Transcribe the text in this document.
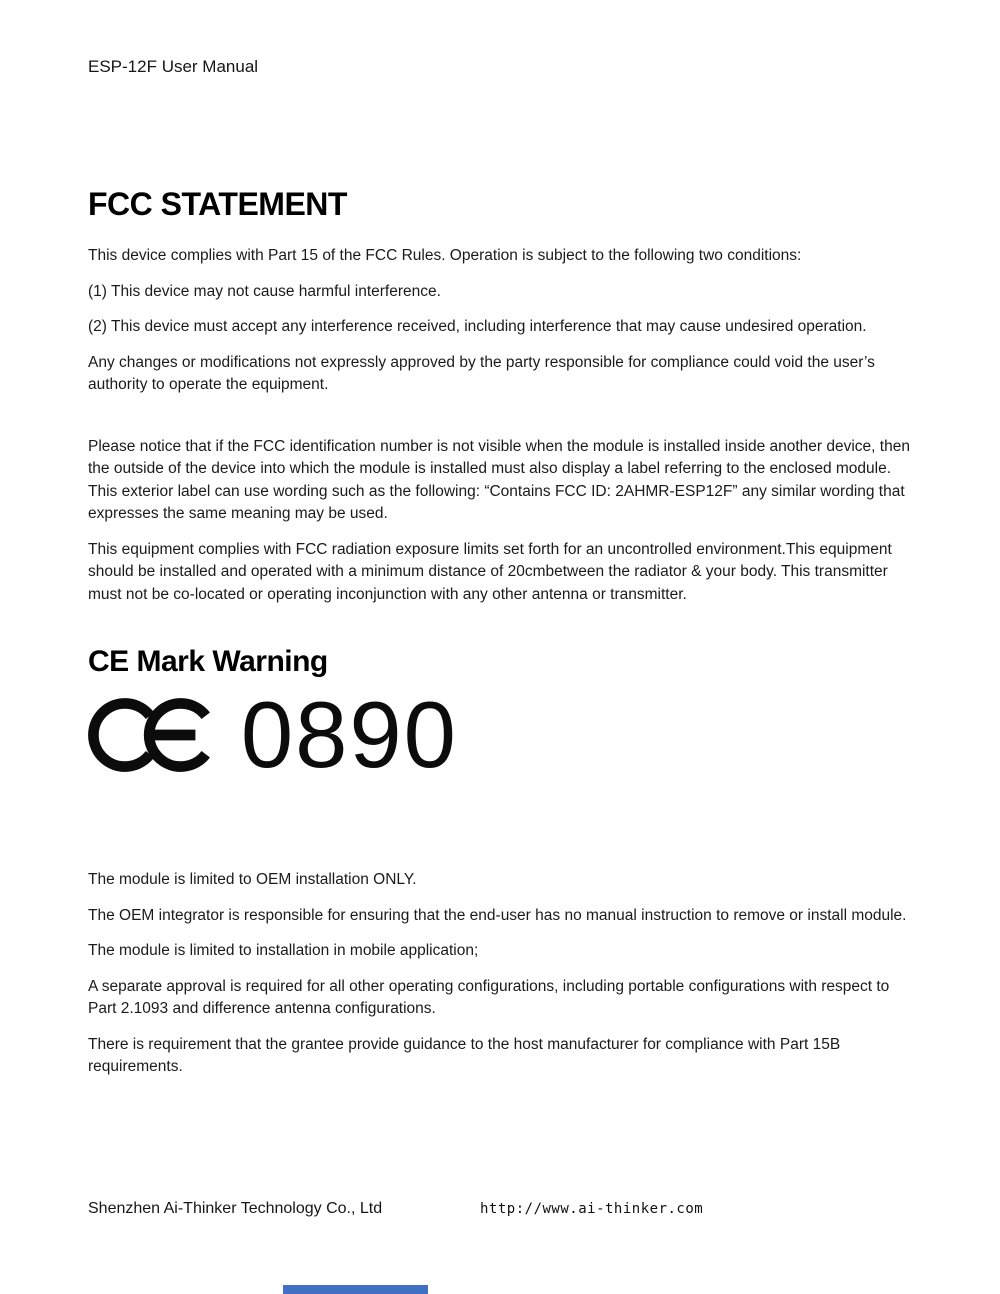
ESP-12F User Manual
FCC STATEMENT

This device complies with Part 15 of the FCC Rules. Operation is subject to the following two conditions:

(1) This device may not cause harmful interference.

(2) This device must accept any interference received, including interference that may cause undesired operation.

Any changes or modifications not expressly approved by the party responsible for compliance could void the user’s authority to operate the equipment.

Please notice that if the FCC identification number is not visible when the module is installed inside another device, then the outside of the device into which the module is installed must also display a label referring to the enclosed module. This exterior label can use wording such as the following: “Contains FCC ID: 2AHMR-ESP12F” any similar wording that expresses the same meaning may be used.

This equipment complies with FCC radiation exposure limits set forth for an uncontrolled environment.This equipment should be installed and operated with a minimum distance of 20cmbetween the radiator & your body. This transmitter must not be co-located or operating inconjunction with any other antenna or transmitter.

CE Mark Warning
0890

The module is limited to OEM installation ONLY.

The OEM integrator is responsible for ensuring that the end-user has no manual instruction to remove or install module.

The module is limited to installation in mobile application;

A separate approval is required for all other operating configurations, including portable configurations with respect to Part 2.1093 and difference antenna configurations.

There is requirement that the grantee provide guidance to the host manufacturer for compliance with Part 15B requirements.

Shenzhen Ai-Thinker Technology Co., Ltd	http://www.ai-thinker.com
